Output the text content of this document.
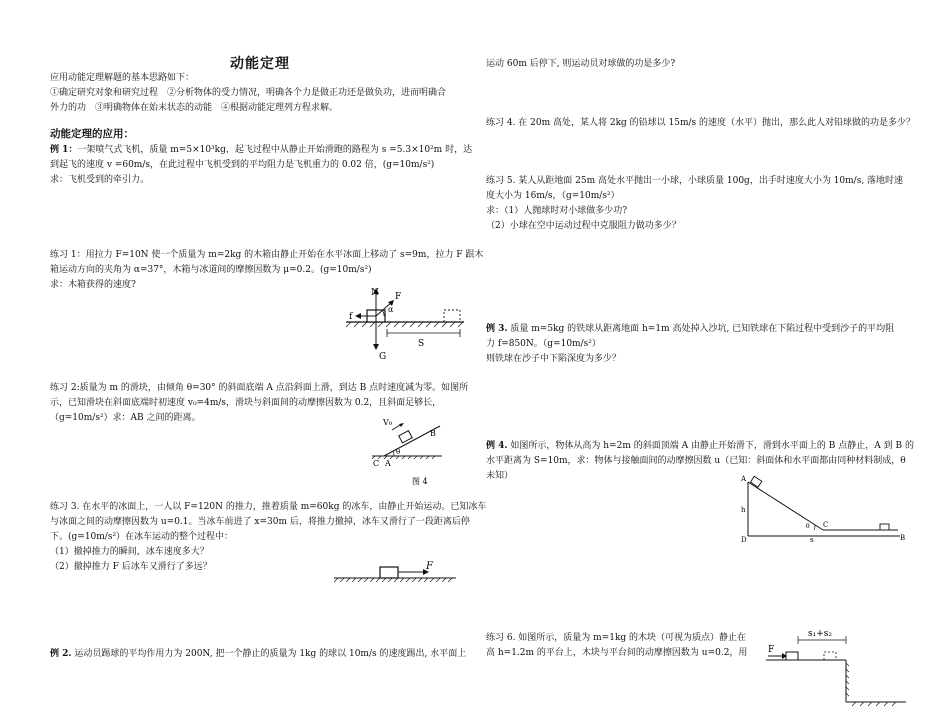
动能定理
应用动能定理解题的基本思路如下：
①确定研究对象和研究过程　②分析物体的受力情况，明确各个力是做正功还是做负功，进而明确合
外力的功　③明确物体在始末状态的动能　④根据动能定理列方程求解。
动能定理的应用：
例 1：一架喷气式飞机，质量 m=5×10³kg，起飞过程中从静止开始滑跑的路程为 s =5.3×10²m 时，达
到起飞的速度 v =60m/s，在此过程中飞机受到的平均阻力是飞机重力的 0.02 倍，(g=10m/s²)
求：飞机受到的牵引力。
练习 1：用拉力 F=10N 使一个质量为 m=2kg 的木箱由静止开始在水平冰面上移动了 s=9m，拉力 F 跟木
箱运动方向的夹角为 α=37°，木箱与冰道间的摩擦因数为 μ=0.2。(g=10m/s²)
求：木箱获得的速度?
练习 2:质量为 m 的滑块，由倾角 θ=30° 的斜面底端 A 点沿斜面上滑，到达 B 点时速度减为零。如图所
示，已知滑块在斜面底端时初速度 v₀=4m/s，滑块与斜面间的动摩擦因数为 0.2，且斜面足够长，
（g=10m/s²）求：AB 之间的距离。
练习 3. 在水平的冰面上，一人以 F=120N 的推力，推着质量 m=60kg 的冰车，由静止开始运动。已知冰车
与冰面之间的动摩擦因数为 u=0.1。当冰车前进了 x=30m 后，将推力撤掉，冰车又滑行了一段距离后停
下。(g=10m/s²）在冰车运动的整个过程中：
（1）撤掉推力的瞬间，冰车速度多大？
（2）撤掉推力 F 后冰车又滑行了多远？
例 2. 运动员踢球的平均作用力为 200N, 把一个静止的质量为 1kg 的球以 10m/s 的速度踢出, 水平面上
运动 60m 后停下, 则运动员对球做的功是多少?
练习 4. 在 20m 高处，某人将 2kg 的铅球以 15m/s 的速度（水平）抛出，那么此人对铅球做的功是多少？
练习 5. 某人从距地面 25m 高处水平抛出一小球，小球质量 100g，出手时速度大小为 10m/s, 落地时速
度大小为 16m/s，（g=10m/s²）
求：（1）人抛球时对小球做多少功?
（2）小球在空中运动过程中克服阻力做功多少？
例 3. 质量 m=5kg 的铁球从距离地面 h=1m 高处掉入沙坑, 已知铁球在下陷过程中受到沙子的平均阻
力 f=850N。（g=10m/s²）
则铁球在沙子中下陷深度为多少？
例 4. 如图所示，物体从高为 h=2m 的斜面顶端 A 由静止开始滑下，滑到水平面上的 B 点静止，A 到 B 的
水平距离为 S=10m，求：物体与接触面间的动摩擦因数 u（已知：斜面体和水平面都由同种材料制成，θ
未知）
练习 6. 如图所示，质量为 m=1kg 的木块（可视为质点）静止在
高 h=1.2m 的平台上，木块与平台间的动摩擦因数为 u=0.2，用
N F
f
α
G
S
V₀
B
C A
θ
图 4
F
A
h
D	s
C
B
θ
F
s₁+s₂
